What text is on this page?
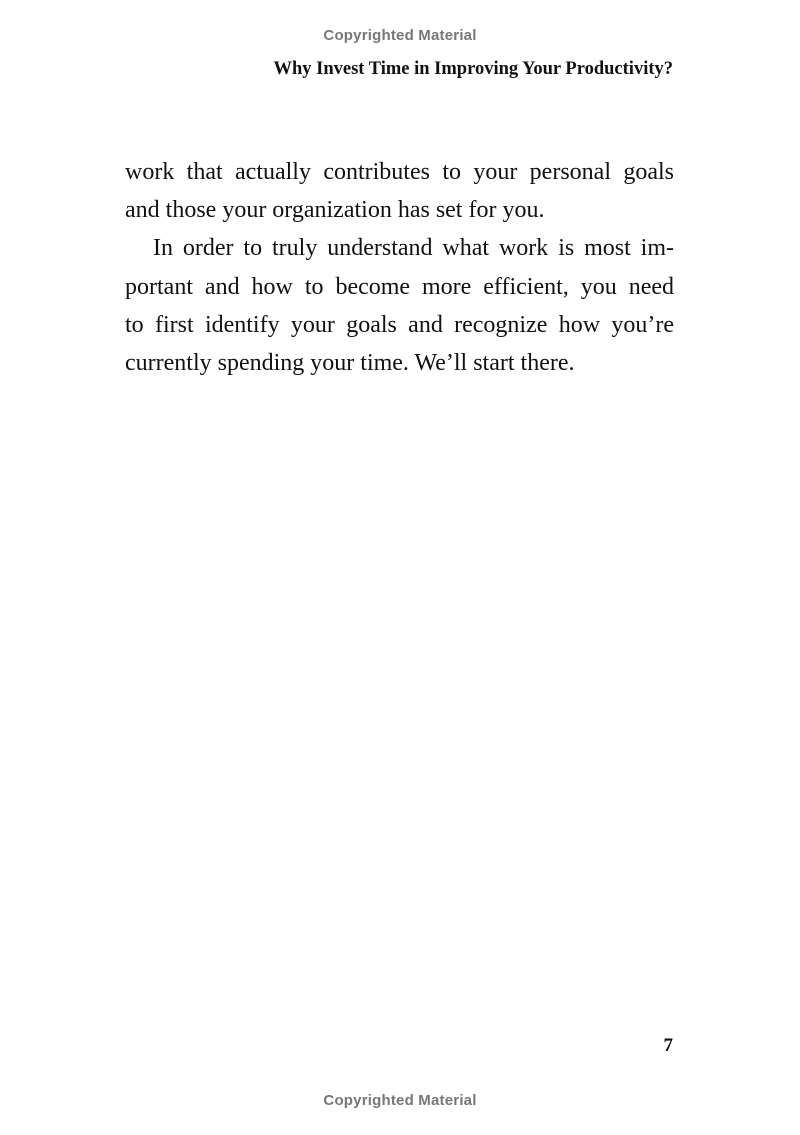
Copyrighted Material
Why Invest Time in Improving Your Productivity?
work that actually contributes to your personal goals
and those your organization has set for you.
In order to truly understand what work is most im-
portant and how to become more efficient, you need
to first identify your goals and recognize how you’re
currently spending your time. We’ll start there.
7
Copyrighted Material
